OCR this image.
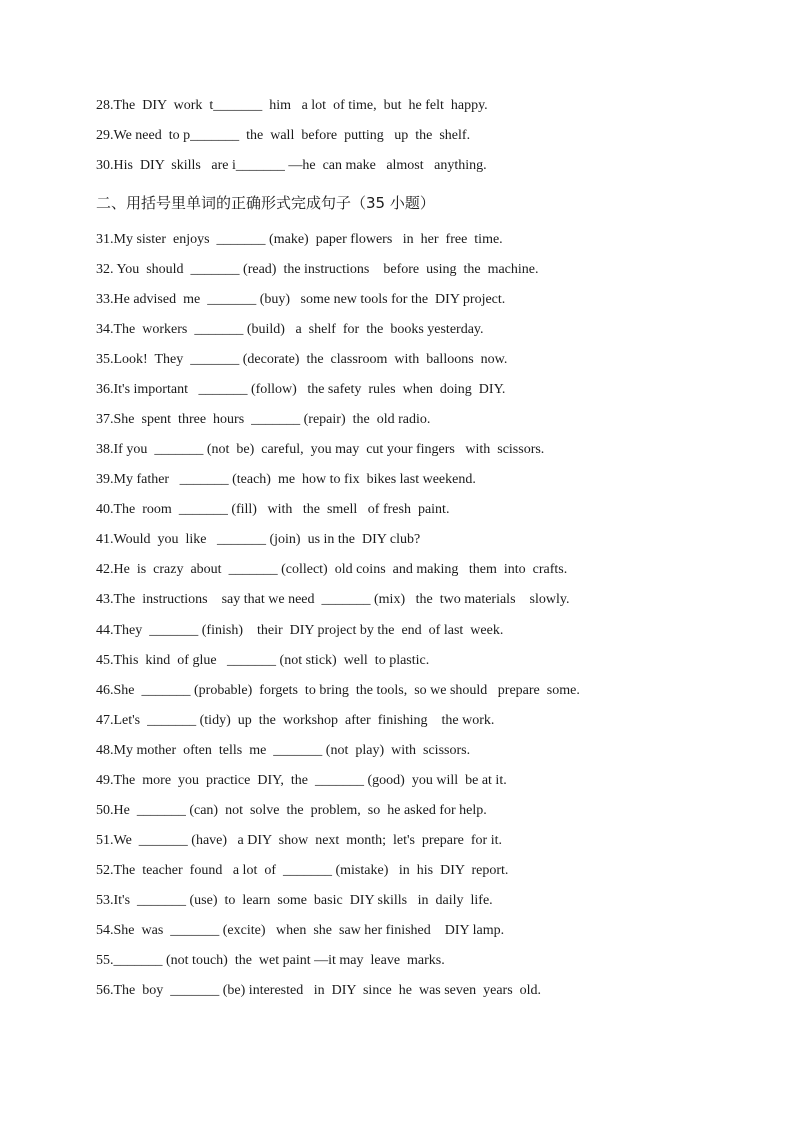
28.The  DIY  work  t_______  him   a lot  of time,  but  he felt  happy.
29.We need  to p_______  the  wall  before  putting   up  the  shelf.
30.His  DIY  skills   are i_______ —he  can make   almost   anything.
二、用括号里单词的正确形式完成句子（35 小题）
31.My sister  enjoys  _______ (make)  paper flowers   in  her  free  time.
32. You  should  _______ (read)  the instructions    before  using  the  machine.
33.He advised  me  _______ (buy)   some new tools for the  DIY project.
34.The  workers  _______ (build)   a  shelf  for  the  books yesterday.
35.Look!  They  _______ (decorate)  the  classroom  with  balloons  now.
36.It's important   _______ (follow)   the safety  rules  when  doing  DIY.
37.She  spent  three  hours  _______ (repair)  the  old radio.
38.If you  _______ (not  be)  careful,  you may  cut your fingers   with  scissors.
39.My father   _______ (teach)  me  how to fix  bikes last weekend.
40.The  room  _______ (fill)   with   the  smell   of fresh  paint.
41.Would  you  like   _______ (join)  us in the  DIY club?
42.He  is  crazy  about  _______ (collect)  old coins  and making   them  into  crafts.
43.The  instructions    say that we need  _______ (mix)   the  two materials    slowly.
44.They  _______ (finish)    their  DIY project by the  end  of last  week.
45.This  kind  of glue   _______ (not stick)  well  to plastic.
46.She  _______ (probable)  forgets  to bring  the tools,  so we should   prepare  some.
47.Let's  _______ (tidy)  up  the  workshop  after  finishing    the work.
48.My mother  often  tells  me  _______ (not  play)  with  scissors.
49.The  more  you  practice  DIY,  the  _______ (good)  you will  be at it.
50.He  _______ (can)  not  solve  the  problem,  so  he asked for help.
51.We  _______ (have)   a DIY  show  next  month;  let's  prepare  for it.
52.The  teacher  found   a lot  of  _______ (mistake)   in  his  DIY  report.
53.It's  _______ (use)  to  learn  some  basic  DIY skills   in  daily  life.
54.She  was  _______ (excite)   when  she  saw her finished    DIY lamp.
55._______ (not touch)  the  wet paint —it may  leave  marks.
56.The  boy  _______ (be) interested   in  DIY  since  he  was seven  years  old.
